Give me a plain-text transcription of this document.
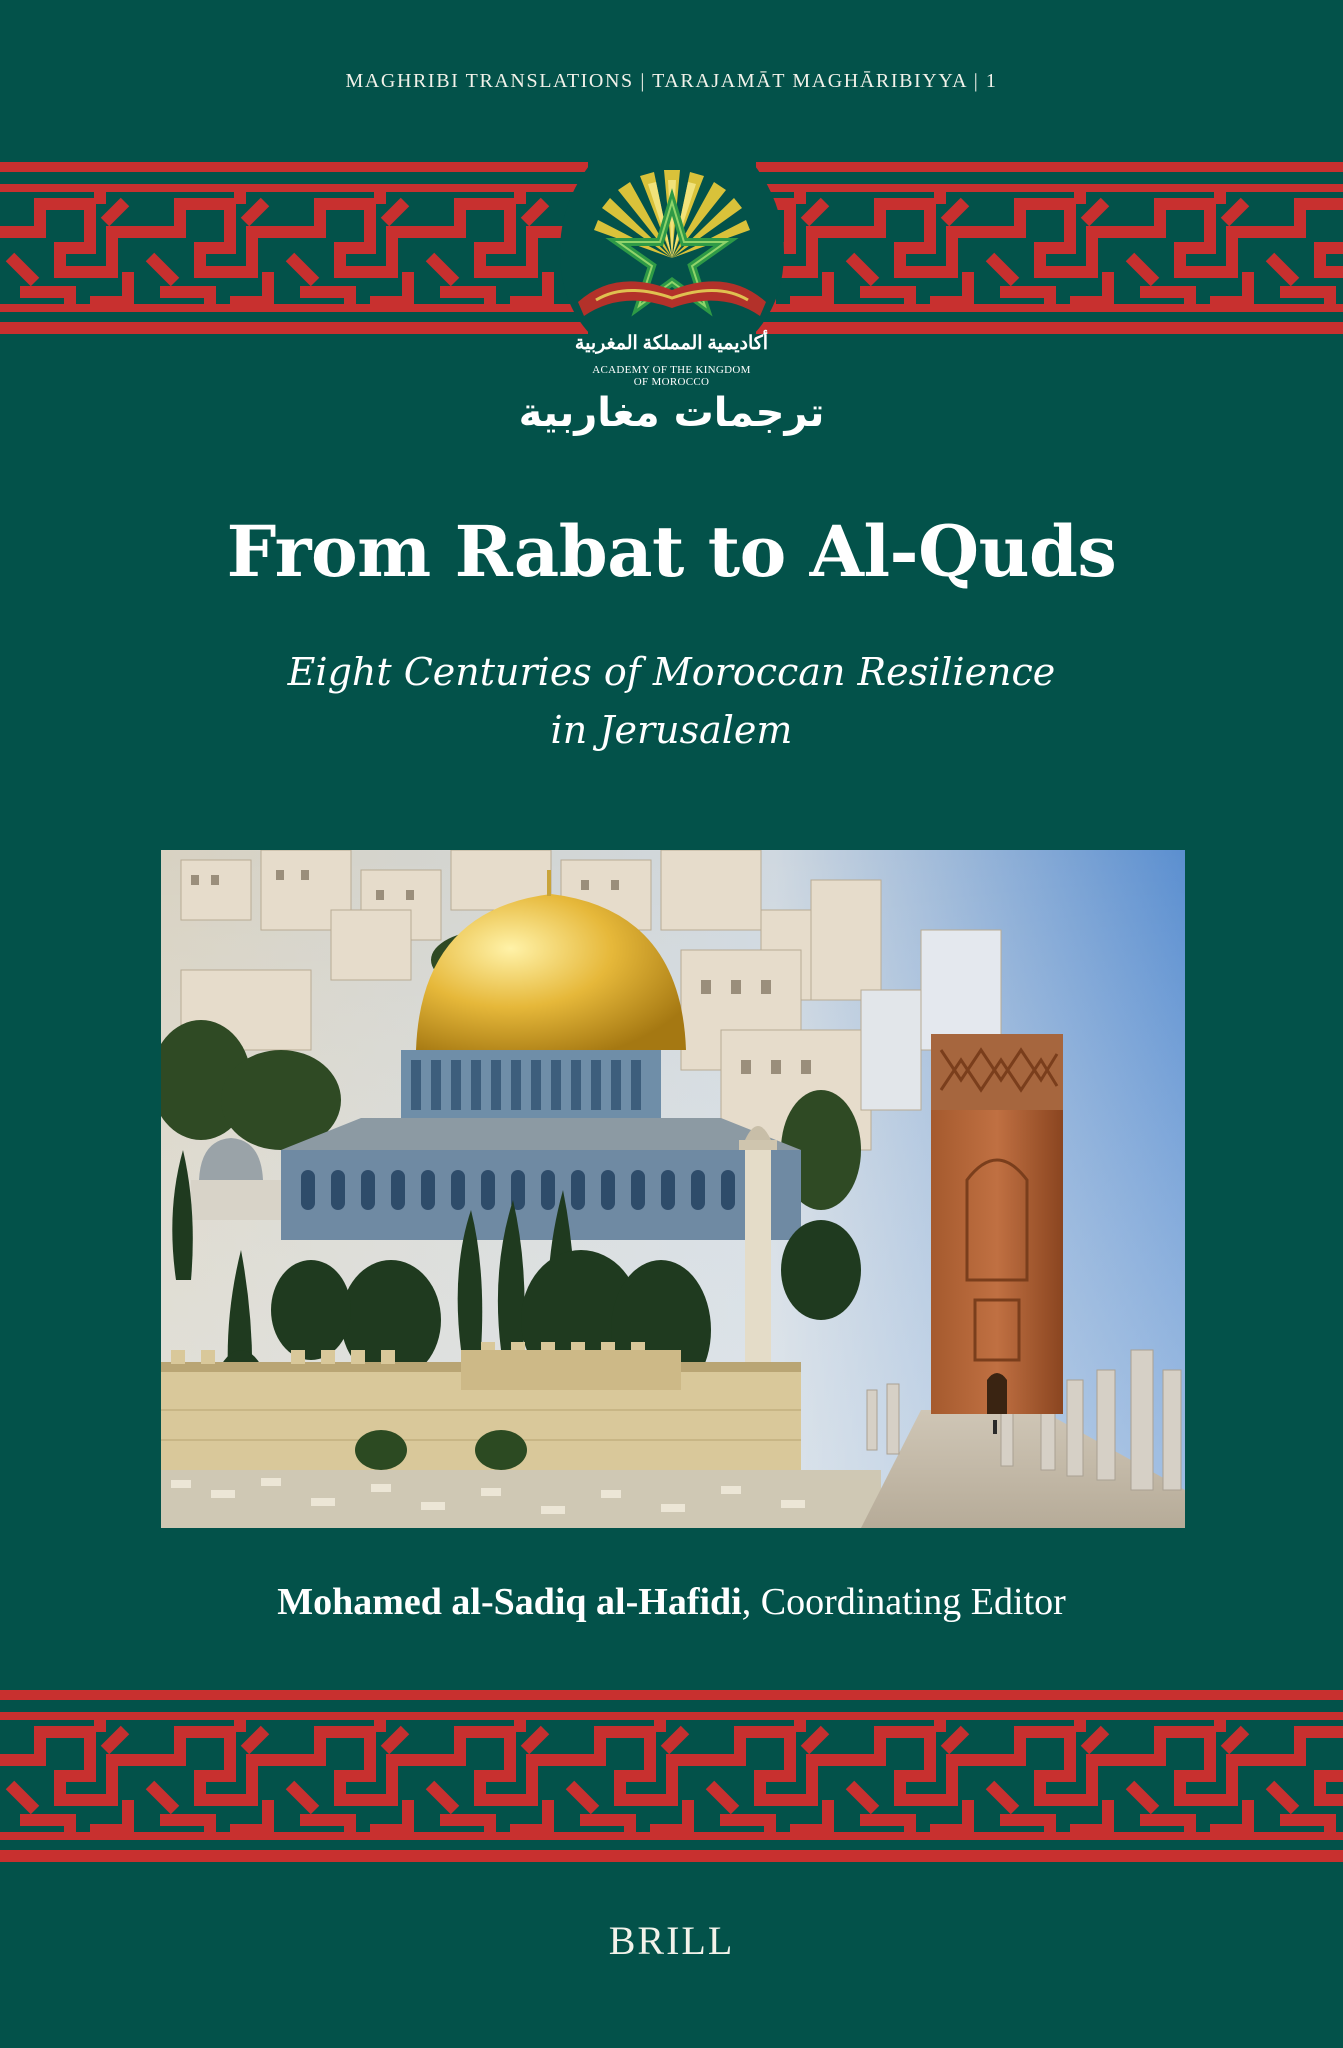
MAGHRIBI TRANSLATIONS | TARAJAMĀT MAGHĀRIBIYYA | 1
أكاديمية المملكة المغربية
ACADEMY OF THE KINGDOM
OF MOROCCO
ترجمات مغاربية
From Rabat to Al-Quds
Eight Centuries of Moroccan Resilience
in Jerusalem
Mohamed al-Sadiq al-Hafidi, Coordinating Editor
BRILL
